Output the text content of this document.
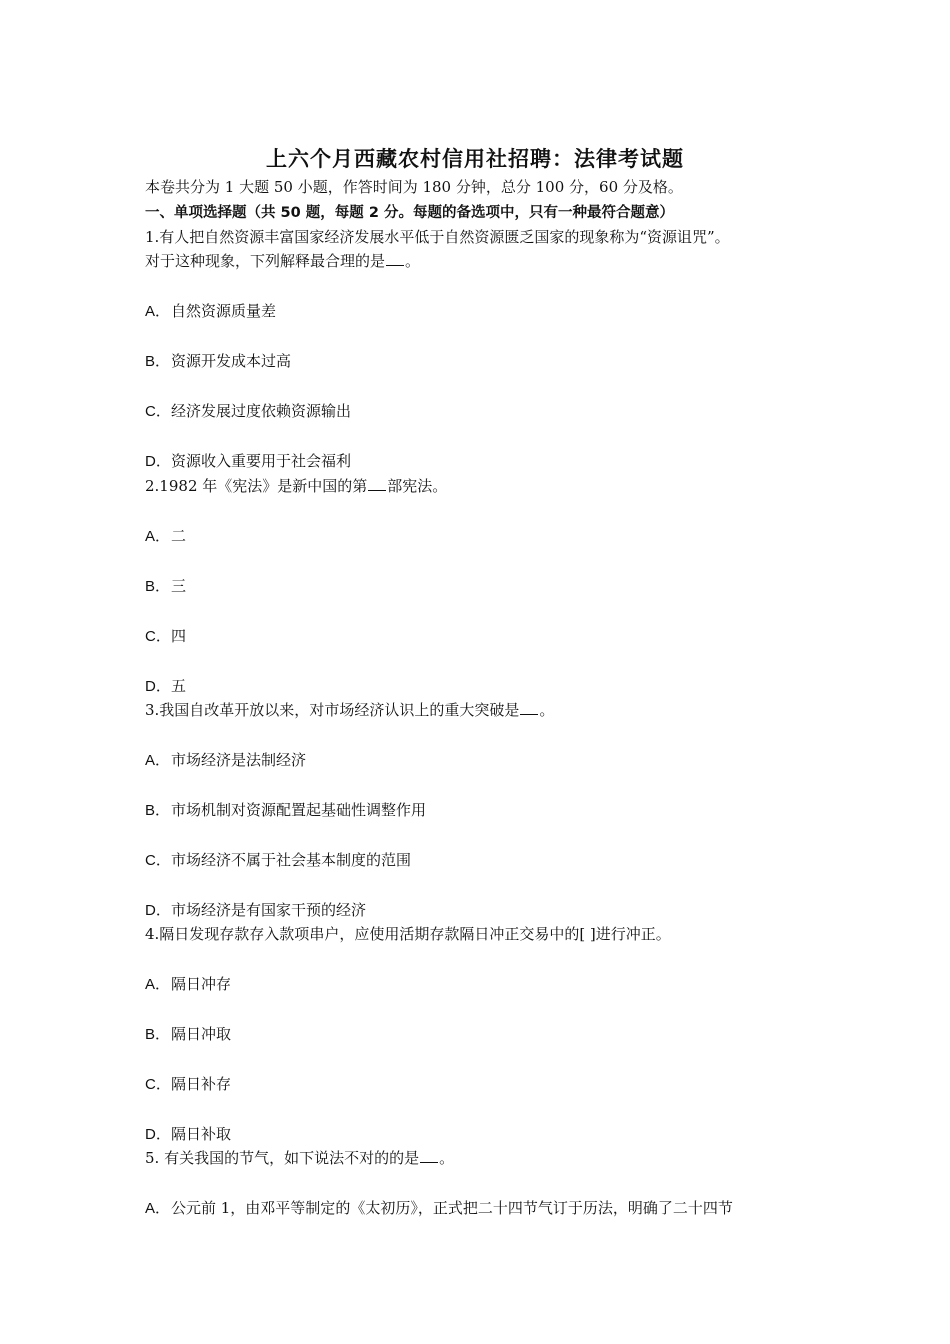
上六个月西藏农村信用社招聘：法律考试题
本卷共分为 1 大题 50 小题，作答时间为 180 分钟，总分 100 分，60 分及格。
一、单项选择题（共 50 题，每题 2 分。每题的备选项中，只有一种最符合题意）
1.有人把自然资源丰富国家经济发展水平低于自然资源匮乏国家的现象称为“资源诅咒”。
对于这种现象，下列解释最合理的是 。
A． 自然资源质量差
B． 资源开发成本过高
C． 经济发展过度依赖资源输出
D． 资源收入重要用于社会福利
2.1982 年《宪法》是新中国的第 部宪法。
A． 二
B． 三
C． 四
D． 五
3.我国自改革开放以来，对市场经济认识上的重大突破是 。
A． 市场经济是法制经济
B． 市场机制对资源配置起基础性调整作用
C． 市场经济不属于社会基本制度的范围
D． 市场经济是有国家干预的经济
4.隔日发现存款存入款项串户，应使用活期存款隔日冲正交易中的[ ]进行冲正。
A． 隔日冲存
B． 隔日冲取
C． 隔日补存
D． 隔日补取
5. 有关我国的节气，如下说法不对的的是 。
A． 公元前 1，由邓平等制定的《太初历》，正式把二十四节气订于历法，明确了二十四节
